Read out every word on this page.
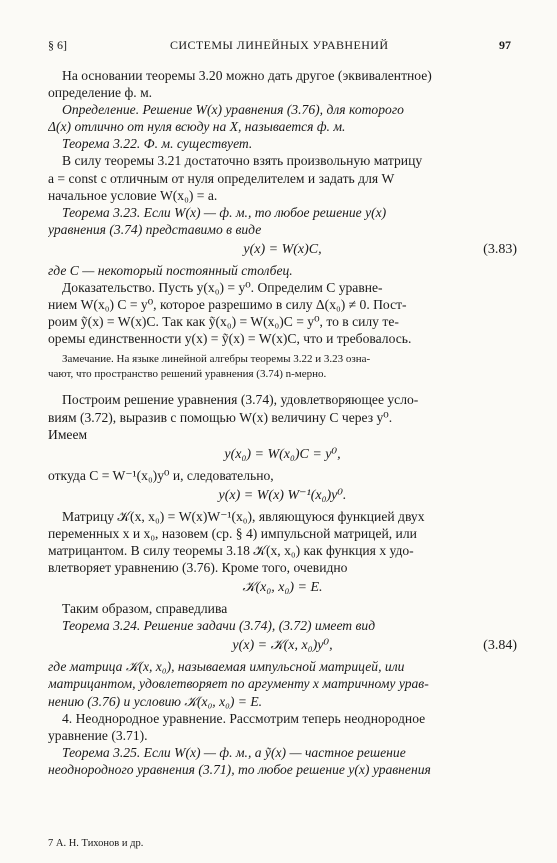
§ 6]	СИСТЕМЫ ЛИНЕЙНЫХ УРАВНЕНИЙ	97
На основании теоремы 3.20 можно дать другое (эквивалентное)
определение ф. м.
Определение. Решение W(x) уравнения (3.76), для которого
Δ(x) отлично от нуля всюду на X, называется ф. м.
Теорема 3.22. Ф. м. существует.
В силу теоремы 3.21 достаточно взять произвольную матрицу
a = const с отличным от нуля определителем и задать для W
начальное условие W(x₀) = a.
Теорема 3.23. Если W(x) — ф. м., то любое решение y(x)
уравнения (3.74) представимо в виде
y(x) = W(x)C,	(3.83)
где C — некоторый постоянный столбец.
Доказательство. Пусть y(x₀) = y⁰. Определим C уравне-
нием W(x₀) C = y⁰, которое разрешимо в силу Δ(x₀) ≠ 0. Пост-
роим ỹ(x) = W(x)C. Так как ỹ(x₀) = W(x₀)C = y⁰, то в силу те-
оремы единственности y(x) = ỹ(x) = W(x)C, что и требовалось.
Замечание. На языке линейной алгебры теоремы 3.22 и 3.23 озна-
чают, что пространство решений уравнения (3.74) n-мерно.
Построим решение уравнения (3.74), удовлетворяющее усло-
виям (3.72), выразив с помощью W(x) величину C через y⁰.
Имеем
y(x₀) = W(x₀)C = y⁰,
откуда C = W⁻¹(x₀)y⁰ и, следовательно,
y(x) = W(x) W⁻¹(x₀)y⁰.
Матрицу 𝒦(x, x₀) = W(x)W⁻¹(x₀), являющуюся функцией двух
переменных x и x₀, назовем (ср. § 4) импульсной матрицей, или
матрицантом. В силу теоремы 3.18 𝒦(x, x₀) как функция x удо-
влетворяет уравнению (3.76). Кроме того, очевидно
𝒦(x₀, x₀) = E.
Таким образом, справедлива
Теорема 3.24. Решение задачи (3.74), (3.72) имеет вид
y(x) = 𝒦(x, x₀)y⁰,	(3.84)
где матрица 𝒦(x, x₀), называемая импульсной матрицей, или
матрицантом, удовлетворяет по аргументу x матричному урав-
нению (3.76) и условию 𝒦(x₀, x₀) = E.
4. Неоднородное уравнение. Рассмотрим теперь неоднородное
уравнение (3.71).
Теорема 3.25. Если W(x) — ф. м., а ỹ(x) — частное решение
неоднородного уравнения (3.71), то любое решение y(x) уравнения
7 А. Н. Тихонов и др.
